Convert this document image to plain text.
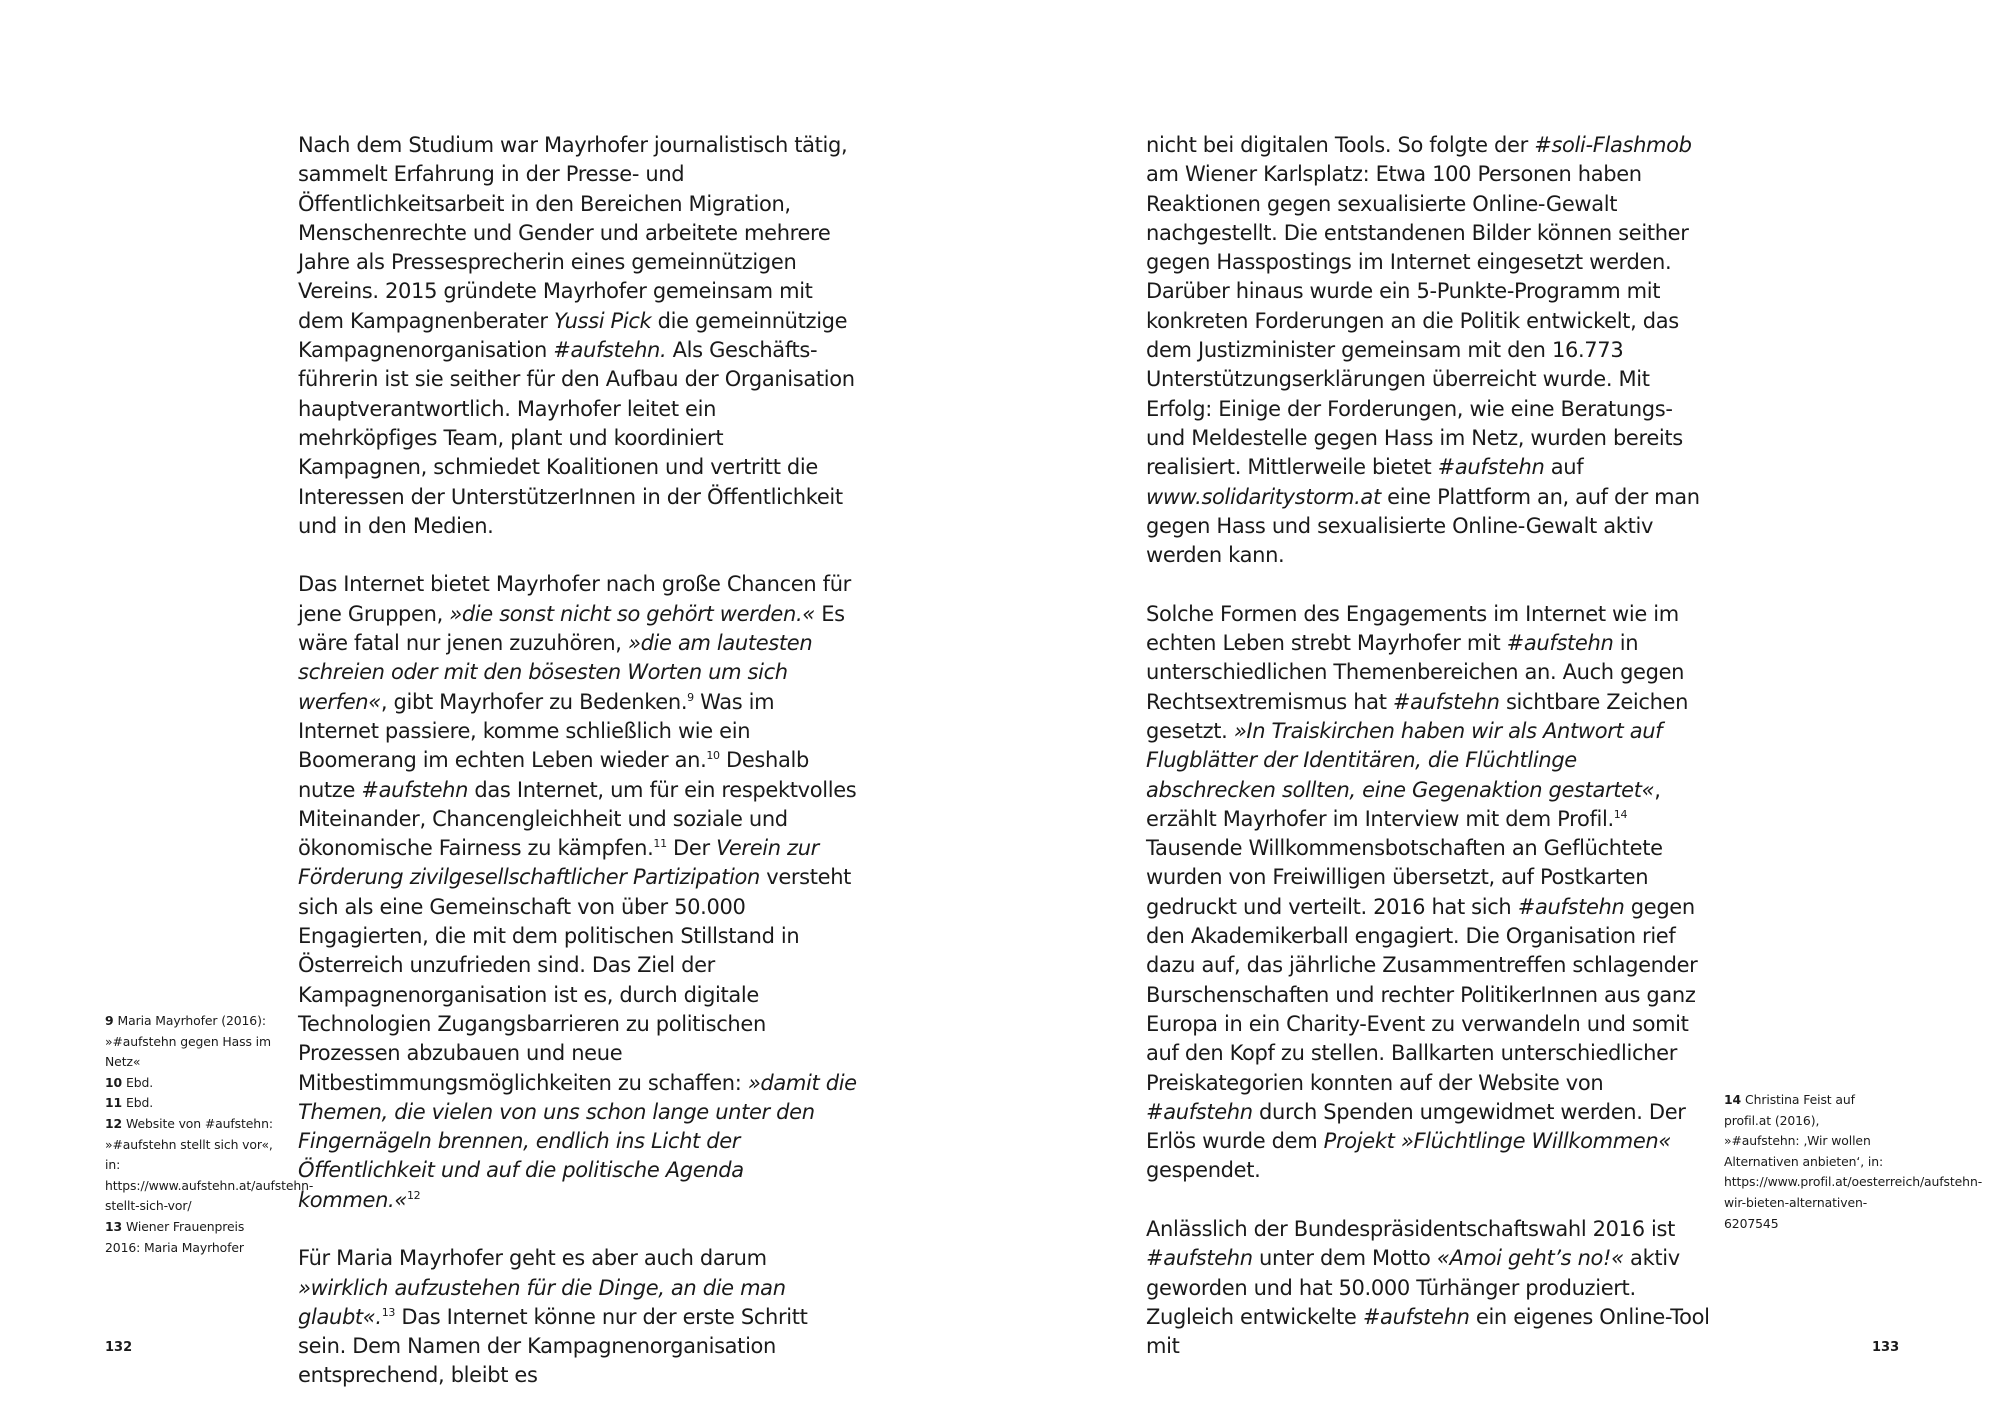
Nach dem Studium war Mayrhofer journalistisch tätig, sammelt Erfahrung in der Presse- und Öffentlichkeitsarbeit in den Bereichen Migration, Menschenrechte und Gender und arbeitete mehrere Jahre als Pressesprecherin eines gemeinnützigen Vereins. 2015 gründete Mayrhofer gemeinsam mit dem Kampagnenberater Yussi Pick die gemeinnützige Kampagnenorganisation #aufstehn. Als Geschäftsführerin ist sie seither für den Aufbau der Organisation hauptverantwortlich. Mayrhofer leitet ein mehrköpfiges Team, plant und koordiniert Kampagnen, schmiedet Koalitionen und vertritt die Interessen der UnterstützerInnen in der Öffentlichkeit und in den Medien.

Das Internet bietet Mayrhofer nach große Chancen für jene Gruppen, »die sonst nicht so gehört werden.« Es wäre fatal nur jenen zuzuhören, »die am lautesten schreien oder mit den bösesten Worten um sich werfen«, gibt Mayrhofer zu Bedenken.$^9$ Was im Internet passiere, komme schließlich wie ein Boomerang im echten Leben wieder an.$^{10}$ Deshalb nutze #aufstehn das Internet, um für ein respektvolles Miteinander, Chancengleichheit und soziale und ökonomische Fairness zu kämpfen.$^{11}$ Der Verein zur Förderung zivilgesellschaftlicher Partizipation versteht sich als eine Gemeinschaft von über 50.000 Engagierten, die mit dem politischen Stillstand in Österreich unzufrieden sind. Das Ziel der Kampagnenorganisation ist es, durch digitale Technologien Zugangsbarrieren zu politischen Prozessen abzubauen und neue Mitbestimmungsmöglichkeiten zu schaffen: »damit die Themen, die vielen von uns schon lange unter den Fingernägeln brennen, endlich ins Licht der Öffentlichkeit und auf die politische Agenda kommen.«$^{12}$

Für Maria Mayrhofer geht es aber auch darum »wirklich aufzustehen für die Dinge, an die man glaubt«.$^{13}$ Das Internet könne nur der erste Schritt sein. Dem Namen der Kampagnenorganisation entsprechend, bleibt es

9 Maria Mayrhofer (2016): »#aufstehn gegen Hass im Netz«
10 Ebd.
11 Ebd.
12 Website von #aufstehn: »#aufstehn stellt sich vor«, in: https://www.aufstehn.at/aufstehn-stellt-sich-vor/
13 Wiener Frauenpreis 2016: Maria Mayrhofer
132

nicht bei digitalen Tools. So folgte der #soli-Flashmob am Wiener Karlsplatz: Etwa 100 Personen haben Reaktionen gegen sexualisierte Online-Gewalt nachgestellt. Die entstandenen Bilder können seither gegen Hasspostings im Internet eingesetzt werden. Darüber hinaus wurde ein 5-Punkte-Programm mit konkreten Forderungen an die Politik entwickelt, das dem Justizminister gemeinsam mit den 16.773 Unterstützungserklärungen überreicht wurde. Mit Erfolg: Einige der Forderungen, wie eine Beratungs- und Meldestelle gegen Hass im Netz, wurden bereits realisiert. Mittlerweile bietet #aufstehn auf www.solidaritystorm.at eine Plattform an, auf der man gegen Hass und sexualisierte Online-Gewalt aktiv werden kann.

Solche Formen des Engagements im Internet wie im echten Leben strebt Mayrhofer mit #aufstehn in unterschiedlichen Themenbereichen an. Auch gegen Rechtsextremismus hat #aufstehn sichtbare Zeichen gesetzt. »In Traiskirchen haben wir als Antwort auf Flugblätter der Identitären, die Flüchtlinge abschrecken sollten, eine Gegenaktion gestartet«, erzählt Mayrhofer im Interview mit dem Profil.$^{14}$ Tausende Willkommensbotschaften an Geflüchtete wurden von Freiwilligen übersetzt, auf Postkarten gedruckt und verteilt. 2016 hat sich #aufstehn gegen den Akademikerball engagiert. Die Organisation rief dazu auf, das jährliche Zusammentreffen schlagender Burschenschaften und rechter PolitikerInnen aus ganz Europa in ein Charity-Event zu verwandeln und somit auf den Kopf zu stellen. Ballkarten unterschiedlicher Preiskategorien konnten auf der Website von #aufstehn durch Spenden umgewidmet werden. Der Erlös wurde dem Projekt »Flüchtlinge Willkommen« gespendet.

Anlässlich der Bundespräsidentschaftswahl 2016 ist #aufstehn unter dem Motto «Amoi geht’s no!« aktiv geworden und hat 50.000 Türhänger produziert. Zugleich entwickelte #aufstehn ein eigenes Online-Tool mit

14 Christina Feist auf profil.at (2016), »#aufstehn: ‚Wir wollen Alternativen anbieten‘, in: https://www.profil.at/oesterreich/aufstehn-wir-bieten-alternativen-6207545
133
